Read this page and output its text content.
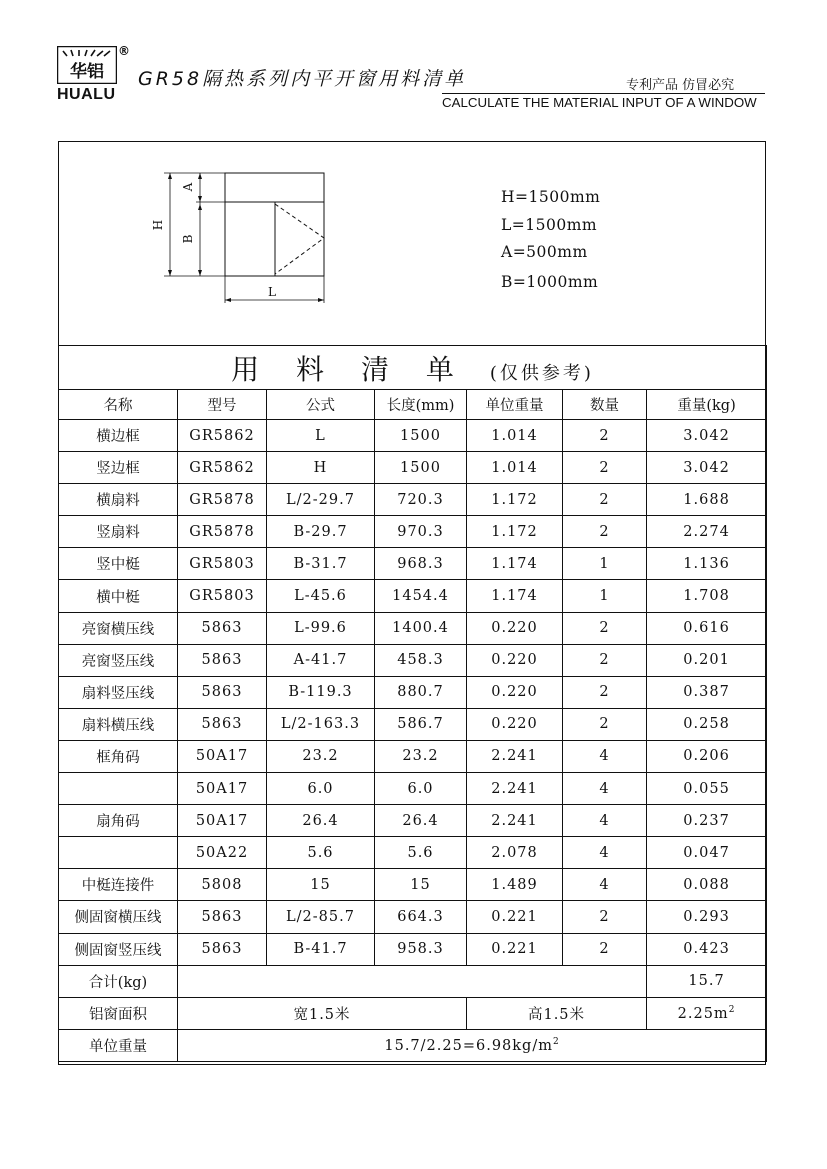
华铝
®
HUALU
GR58隔热系列内平开窗用料清单	专利产品 仿冒必究
CALCULATE THE MATERIAL INPUT OF A WINDOW
H
A
B
L
H=1500mm
L=1500mm
A=500mm
B=1000mm
用 料 清 单 (仅供参考)						
名称	型号	公式	长度(mm)	单位重量	数量	重量(kg)
横边框	GR5862	L	1500	1.014	2	3.042
竖边框	GR5862	H	1500	1.014	2	3.042
横扇料	GR5878	L/2-29.7	720.3	1.172	2	1.688
竖扇料	GR5878	B-29.7	970.3	1.172	2	2.274
竖中梃	GR5803	B-31.7	968.3	1.174	1	1.136
横中梃	GR5803	L-45.6	1454.4	1.174	1	1.708
亮窗横压线	5863	L-99.6	1400.4	0.220	2	0.616
亮窗竖压线	5863	A-41.7	458.3	0.220	2	0.201
扇料竖压线	5863	B-119.3	880.7	0.220	2	0.387
扇料横压线	5863	L/2-163.3	586.7	0.220	2	0.258
框角码	50A17	23.2	23.2	2.241	4	0.206
	50A17	6.0	6.0	2.241	4	0.055
扇角码	50A17	26.4	26.4	2.241	4	0.237
	50A22	5.6	5.6	2.078	4	0.047
中梃连接件	5808	15	15	1.489	4	0.088
侧固窗横压线	5863	L/2-85.7	664.3	0.221	2	0.293
侧固窗竖压线	5863	B-41.7	958.3	0.221	2	0.423
合计(kg)						15.7
铝窗面积	宽1.5米			高1.5米		$2.25m^2$
单位重量	$15.7/2.25=6.98kg/m^2$
